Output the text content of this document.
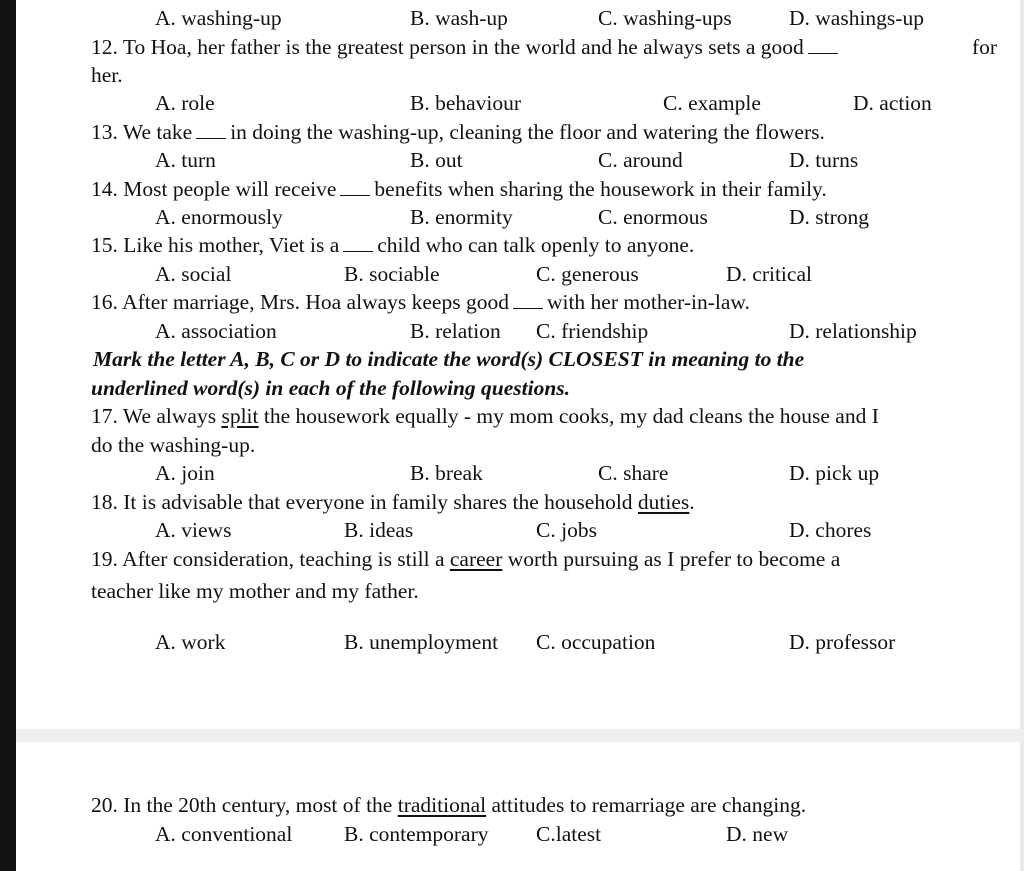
A. washing-up	B. wash-up	C. washing-ups	D. washings-up
12. To Hoa, her father is the greatest person in the world and he always sets a good	for
her.
A. role	B. behaviour	C. example	D. action
13. We take in doing the washing-up, cleaning the floor and watering the flowers.
A. turn	B. out	C. around	D. turns
14. Most people will receive benefits when sharing the housework in their family.
A. enormously	B. enormity	C. enormous	D. strong
15. Like his mother, Viet is a child who can talk openly to anyone.
A. social	B. sociable	C. generous	D. critical
16. After marriage, Mrs. Hoa always keeps good with her mother-in-law.
A. association	B. relation C. friendship	D. relationship
Mark the letter A, B, C or D to indicate the word(s) CLOSEST in meaning to the
underlined word(s) in each of the following questions.
17. We always split the housework equally - my mom cooks, my dad cleans the house and I
do the washing-up.
A. join	B. break	C. share	D. pick up
18. It is advisable that everyone in family shares the household duties.
A. views	B. ideas	C. jobs	D. chores
19. After consideration, teaching is still a career worth pursuing as I prefer to become a
teacher like my mother and my father.
A. work	B. unemployment C. occupation	D. professor
20. In the 20th century, most of the traditional attitudes to remarriage are changing.
A. conventional B. contemporary C.latest	D. new
